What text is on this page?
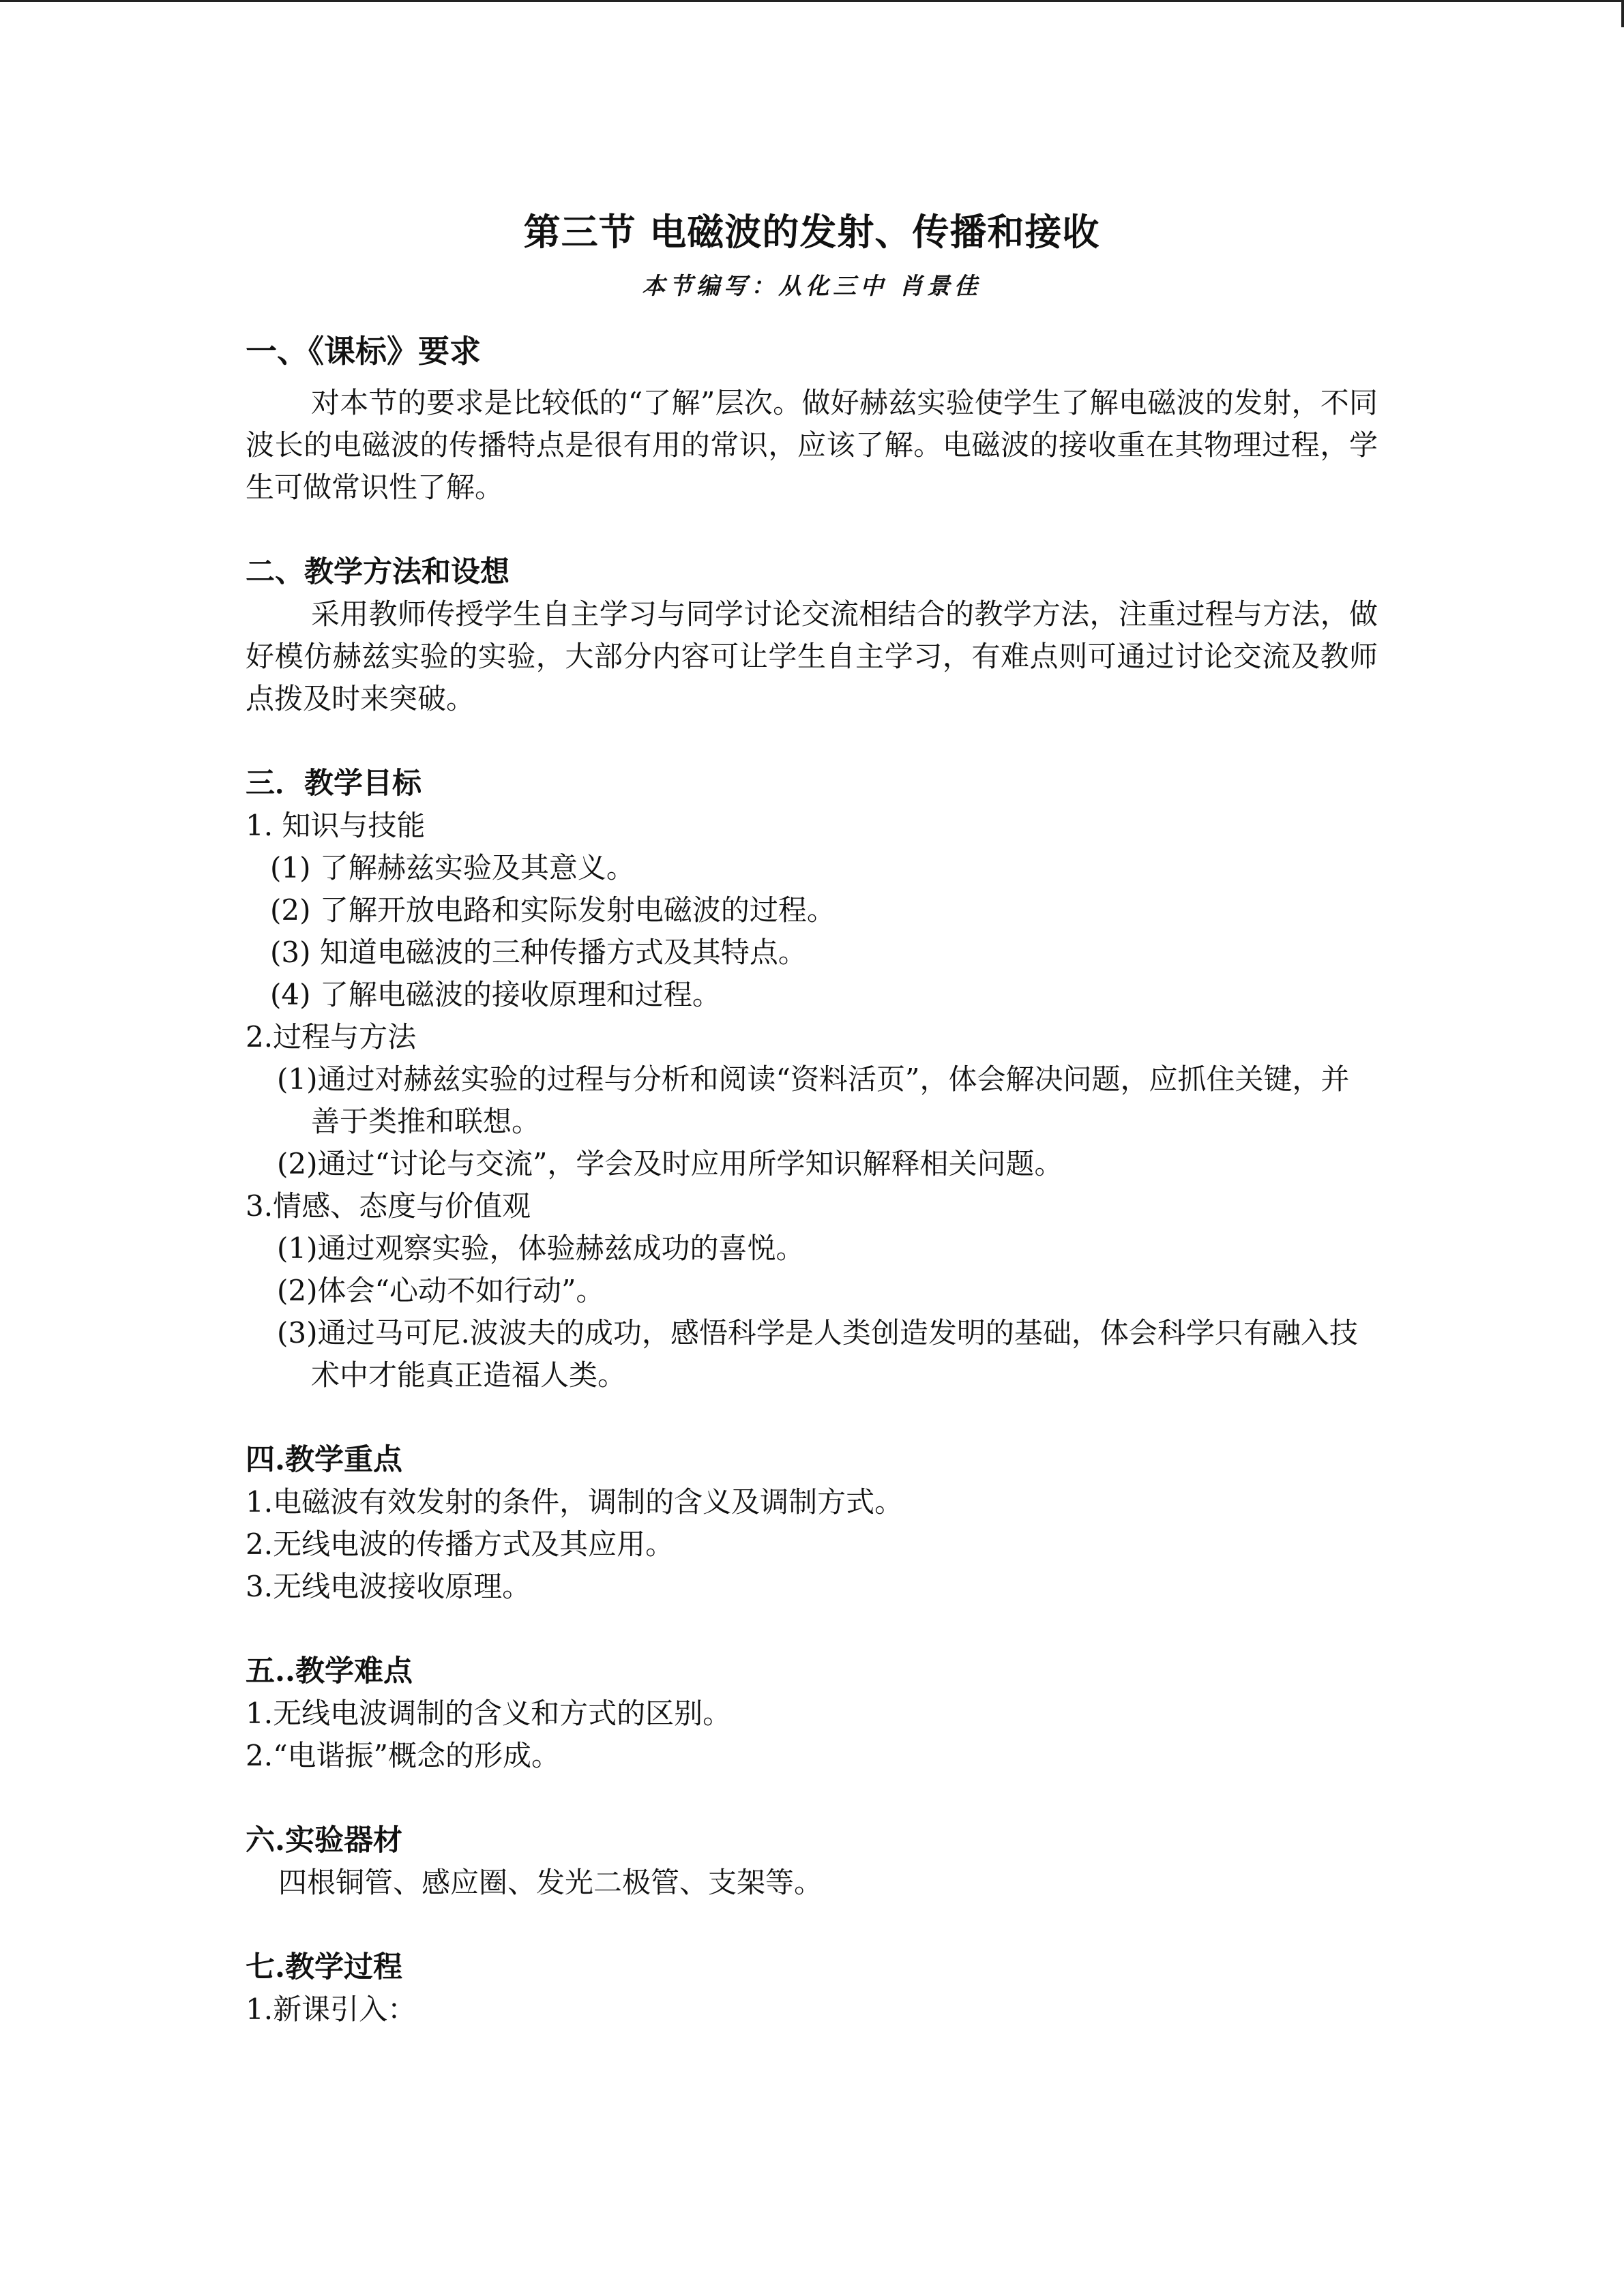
第三节 电磁波的发射、传播和接收
本节编写：从化三中 肖景佳
一、《课标》要求

对本节的要求是比较低的“了解”层次。做好赫兹实验使学生了解电磁波的发射，不同波长的电磁波的传播特点是很有用的常识，应该了解。电磁波的接收重在其物理过程，学生可做常识性了解。

二、教学方法和设想

采用教师传授学生自主学习与同学讨论交流相结合的教学方法，注重过程与方法，做好模仿赫兹实验的实验，大部分内容可让学生自主学习，有难点则可通过讨论交流及教师点拨及时来突破。

三．教学目标
1. 知识与技能
(1) 了解赫兹实验及其意义。
(2) 了解开放电路和实际发射电磁波的过程。
(3) 知道电磁波的三种传播方式及其特点。
(4) 了解电磁波的接收原理和过程。
2.过程与方法
(1)通过对赫兹实验的过程与分析和阅读“资料活页”，体会解决问题，应抓住关键，并善于类推和联想。
(2)通过“讨论与交流”，学会及时应用所学知识解释相关问题。
3.情感、态度与价值观
(1)通过观察实验，体验赫兹成功的喜悦。
(2)体会“心动不如行动”。
(3)通过马可尼.波波夫的成功，感悟科学是人类创造发明的基础，体会科学只有融入技术中才能真正造福人类。
四.教学重点
1.电磁波有效发射的条件，调制的含义及调制方式。
2.无线电波的传播方式及其应用。
3.无线电波接收原理。
五..教学难点
1.无线电波调制的含义和方式的区别。
2.“电谐振”概念的形成。
六.实验器材
四根铜管、感应圈、发光二极管、支架等。
七.教学过程
1.新课引入：
